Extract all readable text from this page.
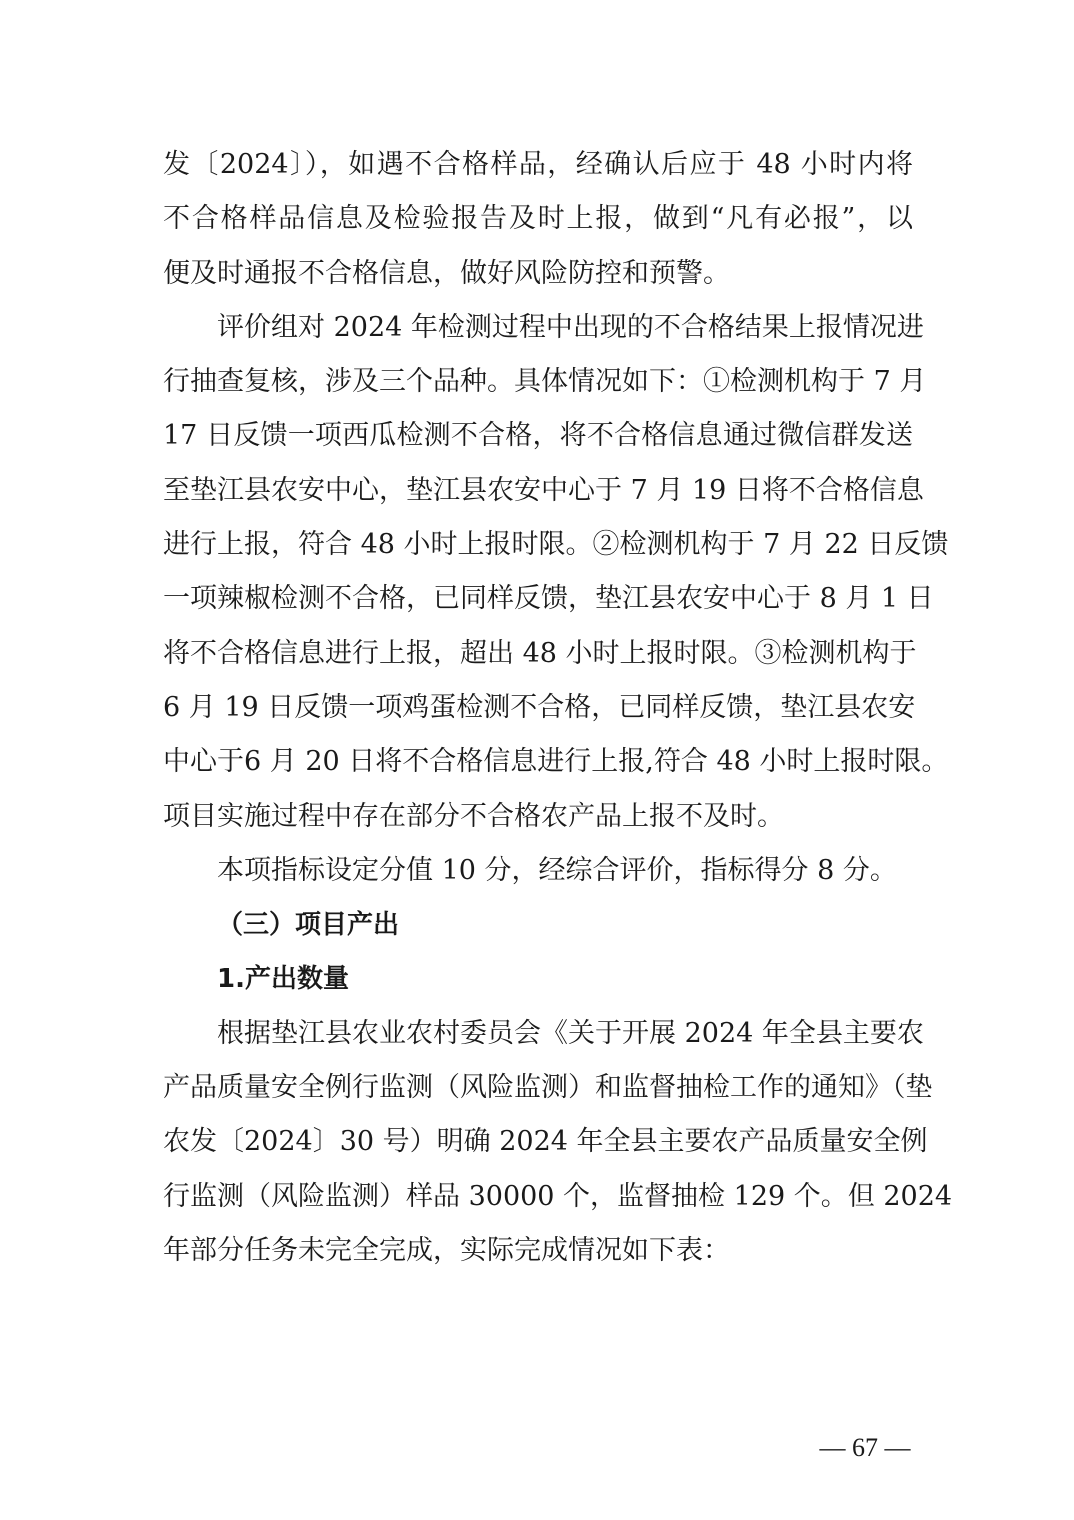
发〔2024〕），如遇不合格样品，经确认后应于 48 小时内将
不合格样品信息及检验报告及时上报，做到“凡有必报”，以
便及时通报不合格信息，做好风险防控和预警。
评价组对 2024 年检测过程中出现的不合格结果上报情况进
行抽查复核，涉及三个品种。具体情况如下：①检测机构于 7 月
17 日反馈一项西瓜检测不合格，将不合格信息通过微信群发送
至垫江县农安中心，垫江县农安中心于 7 月 19 日将不合格信息
进行上报，符合 48 小时上报时限。②检测机构于 7 月 22 日反馈
一项辣椒检测不合格，已同样反馈，垫江县农安中心于 8 月 1 日
将不合格信息进行上报，超出 48 小时上报时限。③检测机构于
6 月 19 日反馈一项鸡蛋检测不合格，已同样反馈，垫江县农安
中心于6 月 20 日将不合格信息进行上报,符合 48 小时上报时限。
项目实施过程中存在部分不合格农产品上报不及时。
本项指标设定分值 10 分，经综合评价，指标得分 8 分。
（三）项目产出
1.产出数量
根据垫江县农业农村委员会《关于开展 2024 年全县主要农
产品质量安全例行监测（风险监测）和监督抽检工作的通知》（垫
农发〔2024〕30 号）明确 2024 年全县主要农产品质量安全例
行监测（风险监测）样品 30000 个，监督抽检 129 个。但 2024
年部分任务未完全完成，实际完成情况如下表：
— 67 —
